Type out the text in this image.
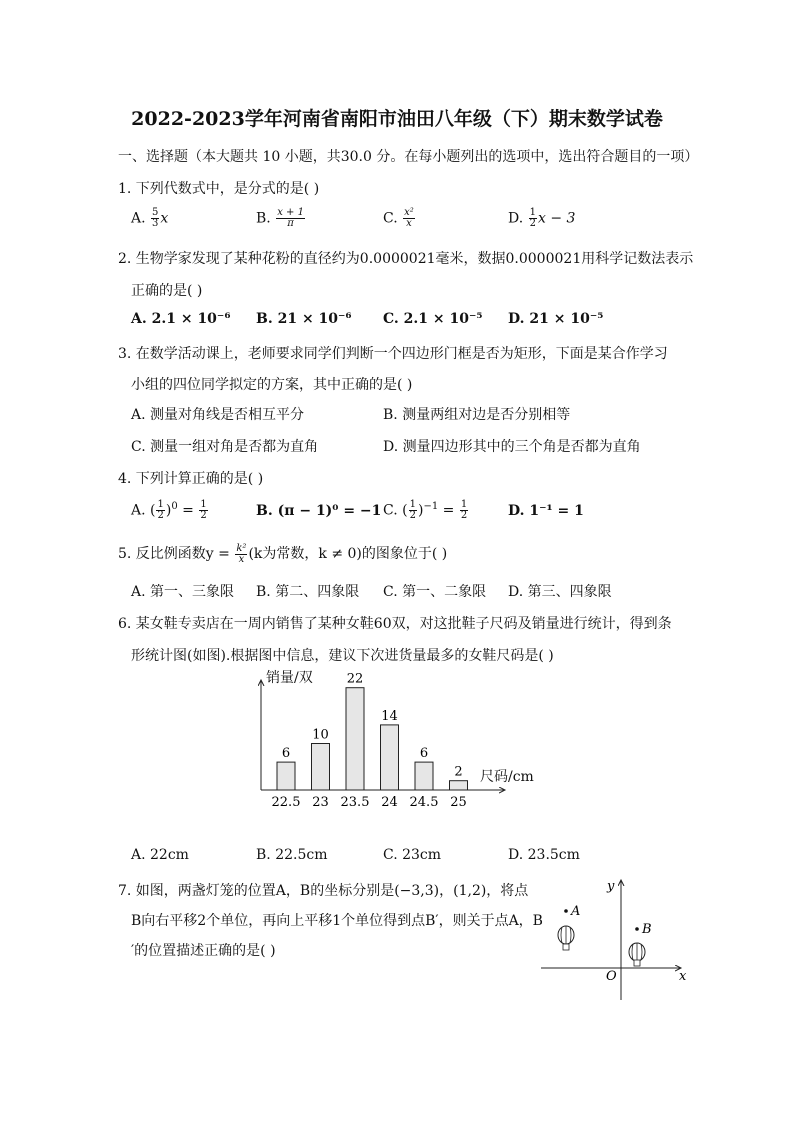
2022-2023学年河南省南阳市油田八年级（下）期末数学试卷
一、选择题（本大题共 10 小题，共30.0 分。在每小题列出的选项中，选出符合题目的一项）
1. 下列代数式中，是分式的是( )
A. $\frac{5}{3}$ x	B. $\frac{x + 1}{\pi}$	C. $\frac{\text{x²}}{x}$	D. $\frac{1}{2}$ x − 3
2. 生物学家发现了某种花粉的直径约为0.0000021毫米，数据0.0000021用科学记数法表示
正确的是( )
A. 2.1 × 10⁻⁶ B. 21 × 10⁻⁶ C. 2.1 × 10⁻⁵ D. 21 × 10⁻⁵
3. 在数学活动课上，老师要求同学们判断一个四边形门框是否为矩形，下面是某合作学习
小组的四位同学拟定的方案，其中正确的是( )
A. 测量对角线是否相互平分	B. 测量两组对边是否分别相等
C. 测量一组对角是否都为直角	D. 测量四边形其中的三个角是否都为直角
4. 下列计算正确的是( )
A. ( $\frac{1}{2} )^0 = \frac{1}{2}$	B. (π − 1)⁰ = −1 C. ( $\frac{1}{2} )^{-1} = \frac{1}{2}$	D. 1⁻¹ = 1
5. 反比例函数$y = \frac{\text{k²}}{x} (k$为常数，k ≠ 0)的图象位于( )
A. 第一、三象限 B. 第二、四象限 C. 第一、二象限 D. 第三、四象限
6. 某女鞋专卖店在一周内销售了某种女鞋60双，对这批鞋子尺码及销量进行统计，得到条
形统计图(如图).根据图中信息，建议下次进货量最多的女鞋尺码是( )
销量/双
尺码/cm
6
22.5
10
23
22
23.5
14
24
6
24.5
2
25
A. 22cm	B. 22.5cm	C. 23cm	D. 23.5cm
7. 如图，两盏灯笼的位置A，B的坐标分别是(−3,3)，(1,2)，将点
B向右平移2个单位，再向上平移1个单位得到点B′，则关于点A，B
′的位置描述正确的是( )
y
x
O
A
B
